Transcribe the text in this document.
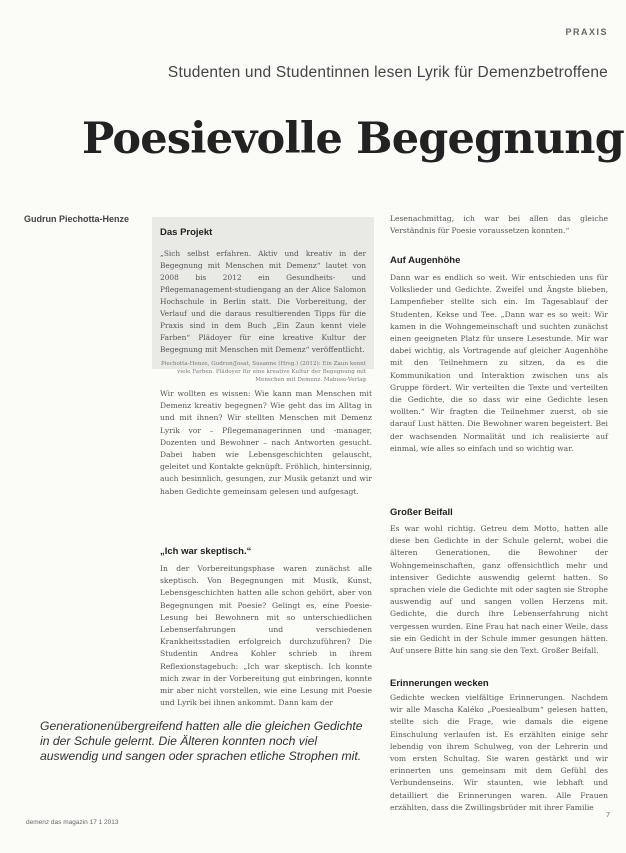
PRAXIS
Studenten und Studentinnen lesen Lyrik für Demenzbetroffene
Poesievolle Begegnung
Gudrun Piechotta-Henze
Das Projekt
„Sich selbst erfahren. Aktiv und kreativ in der Begegnung mit Menschen mit Demenz“ lautet von 2008 bis 2012 ein Gesundheits- und Pflegemanagement-studiengang an der Alice Salomon Hochschule in Berlin statt. Die Vorbereitung, der Verlauf und die daraus resultierenden Tipps für die Praxis sind in dem Buch „Ein Zaun kennt viele Farben“ Plädoyer für eine kreative Kultur der Begegnung mit Menschen mit Demenz“ veröffentlicht.
Piechotta-Henze, Gudrun/Josat, Susanne (Hrsg.) (2012): Ein Zaun kennt viele Farben. Plädoyer für eine kreative Kultur der Begegnung mit Menschen mit Demenz. Mabuse-Verlag

Wir wollten es wissen: Wie kann man Menschen mit Demenz kreativ begegnen? Wie geht das im Alltag in und mit ihnen? Wir stellten Menschen mit Demenz Lyrik vor – Pflegemanagerinnen und -manager, Dozenten und Bewohner – nach Antworten gesucht. Dabei haben wie Lebensgeschichten gelauscht, geleitet und Kontakte geknüpft. Fröhlich, hintersinnig, auch besinnlich, gesungen, zur Musik getanzt und wir haben Gedichte gemeinsam gelesen und aufgesagt.

„Ich war skeptisch.“

In der Vorbereitungsphase waren zunächst alle skeptisch. Von Begegnungen mit Musik, Kunst, Lebensgeschichten hatten alle schon gehört, aber von Begegnungen mit Poesie? Gelingt es, eine Poesie-Lesung bei Bewohnern mit so unterschiedlichen Lebenserfahrungen und verschiedenen Krankheitsstadien erfolgreich durchzuführen? Die Studentin Andrea Kohler schrieb in ihrem Reflexionstagebuch: „Ich war skeptisch. Ich konnte mich zwar in der Vorbereitung gut einbringen, konnte mir aber nicht vorstellen, wie eine Lesung mit Poesie und Lyrik bei ihnen ankommt. Dann kam der

Lesenachmittag, ich war bei allen das gleiche Verständnis für Poesie voraussetzen konnten.“

Auf Augenhöhe

Dann war es endlich so weit. Wir entschieden uns für Volkslieder und Gedichte. Zweifel und Ängste blieben, Lampenfieber stellte sich ein. Im Tagesablauf der Studenten, Kekse und Tee. „Dann war es so weit: Wir kamen in die Wohngemeinschaft und suchten zunächst einen geeigneten Platz für unsere Lesestunde. Mir war dabei wichtig, als Vortragende auf gleicher Augenhöhe mit den Teilnehmern zu sitzen, da es die Kommunikation und Interaktion zwischen uns als Gruppe fördert. Wir verteilten die Texte und verteilten die Gedichte, die so dass wir eine Gedichte lesen wollten.“ Wir fragten die Teilnehmer zuerst, ob sie darauf Lust hätten. Die Bewohner waren begeistert. Bei der wachsenden Normalität und ich realisierte auf einmal, wie alles so einfach und so wichtig war.

Großer Beifall

Es war wohl richtig. Getreu dem Motto, hatten alle diese ben Gedichte in der Schule gelernt, wobei die älteren Generationen, die Bewohner der Wohngemeinschaften, ganz offensichtlich mehr und intensiver Gedichte auswendig gelernt hatten. So sprachen viele die Gedichte mit oder sagten sie Strophe auswendig auf und sangen vollen Herzens mit. Gedichte, die durch ihre Lebenserfahrung nicht vergessen wurden. Eine Frau hat nach einer Weile, dass sie ein Gedicht in der Schule immer gesungen hätten. Auf unsere Bitte hin sang sie den Text. Großer Beifall.

Erinnerungen wecken

Gedichte wecken vielfältige Erinnerungen. Nachdem wir alle Mascha Kaléko „Poesiealbum“ gelesen hatten, stellte sich die Frage, wie damals die eigene Einschulung verlaufen ist. Es erzählten einige sehr lebendig von ihrem Schulweg, von der Lehrerin und vom ersten Schultag. Sie waren gestärkt und wir erinnerten uns gemeinsam mit dem Gefühl des Verbundenseins. Wir staunten, wie lebhaft und detailliert die Erinnerungen waren. Alle Frauen erzählten, dass die Zwillingsbrüder mit ihrer Familie

Generationenübergreifend hatten alle die gleichen Gedichte in der Schule gelernt. Die Älteren konnten noch viel auswendig und sangen oder sprachen etliche Strophen mit.
demenz das magazin 17 1 2013
7
